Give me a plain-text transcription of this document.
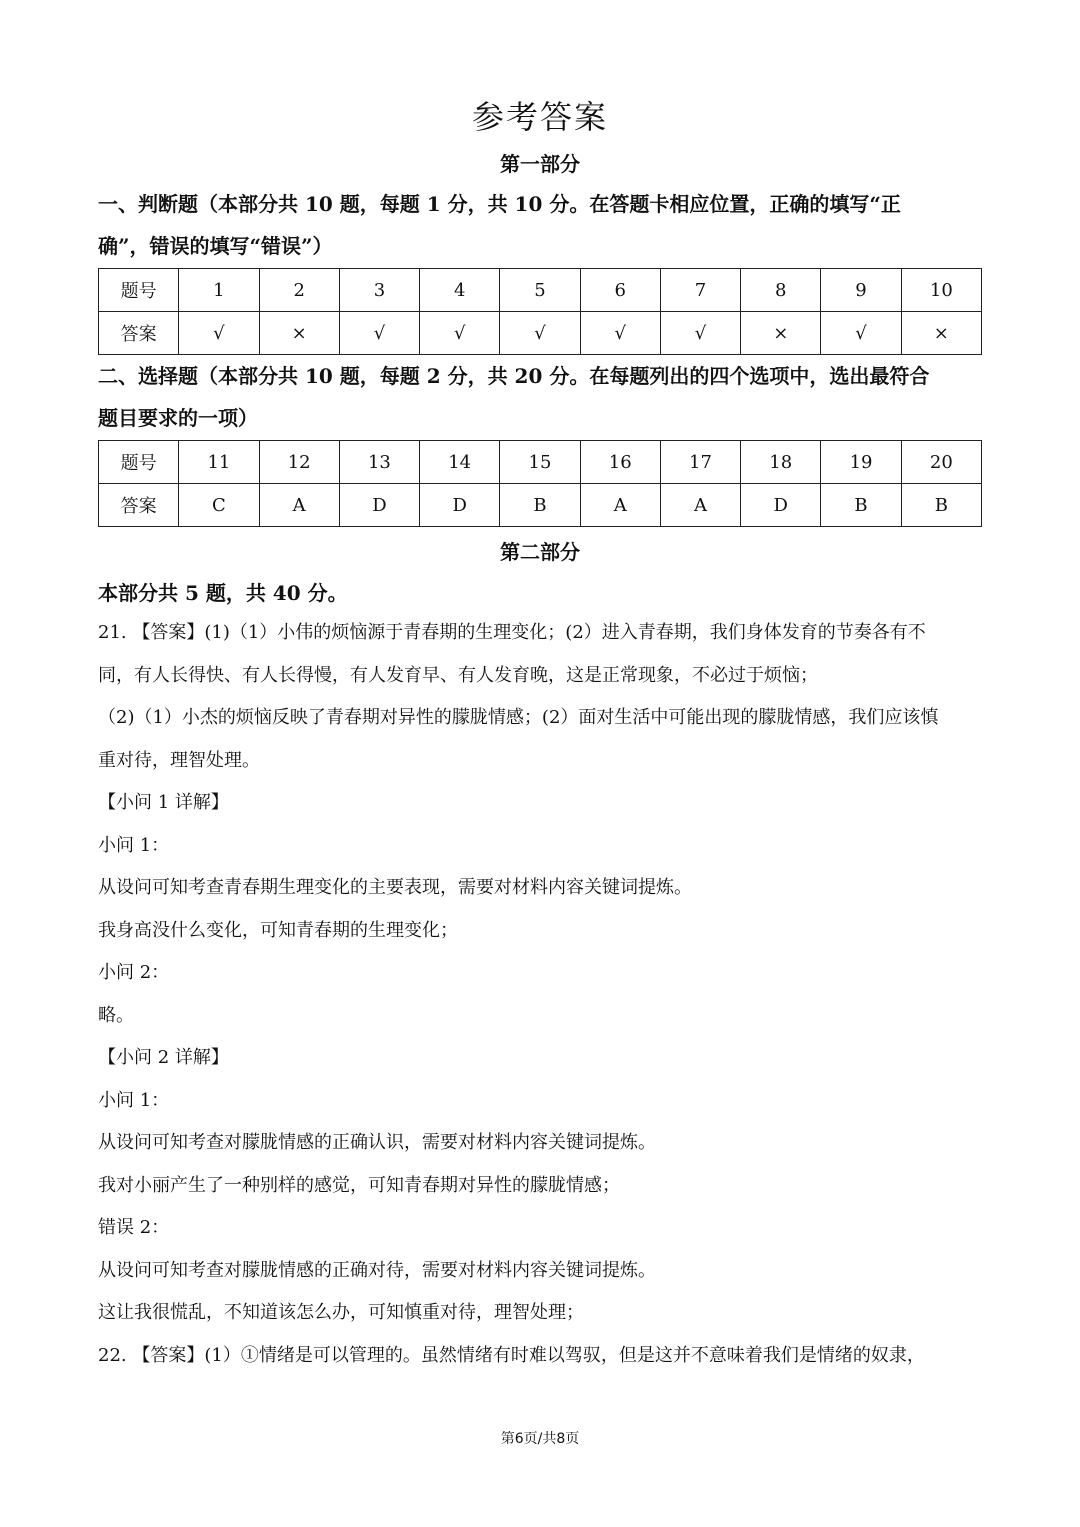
参考答案
第一部分
一、判断题（本部分共 10 题，每题 1 分，共 10 分。在答题卡相应位置，正确的填写“正
确”，错误的填写“错误”）
题号	1	2	3	4	5	6	7	8	9	10
答案	√	×	√	√	√	√	√	×	√	×
二、选择题（本部分共 10 题，每题 2 分，共 20 分。在每题列出的四个选项中，选出最符合
题目要求的一项）
题号	11	12	13	14	15	16	17	18	19	20
答案	C	A	D	D	B	A	A	D	B	B
第二部分
本部分共 5 题，共 40 分。

21. 【答案】(1)（1）小伟的烦恼源于青春期的生理变化；(2）进入青春期，我们身体发育的节奏各有不

同，有人长得快、有人长得慢，有人发育早、有人发育晚，这是正常现象，不必过于烦恼；

（2)（1）小杰的烦恼反映了青春期对异性的朦胧情感；(2）面对生活中可能出现的朦胧情感，我们应该慎

重对待，理智处理。

【小问 1 详解】

小问 1：

从设问可知考查青春期生理变化的主要表现，需要对材料内容关键词提炼。

我身高没什么变化，可知青春期的生理变化；

小问 2：

略。

【小问 2 详解】

小问 1：

从设问可知考查对朦胧情感的正确认识，需要对材料内容关键词提炼。

我对小丽产生了一种别样的感觉，可知青春期对异性的朦胧情感；

错误 2：

从设问可知考查对朦胧情感的正确对待，需要对材料内容关键词提炼。

这让我很慌乱，不知道该怎么办，可知慎重对待，理智处理；

22. 【答案】(1）①情绪是可以管理的。虽然情绪有时难以驾驭，但是这并不意味着我们是情绪的奴隶，

第6页/共8页
